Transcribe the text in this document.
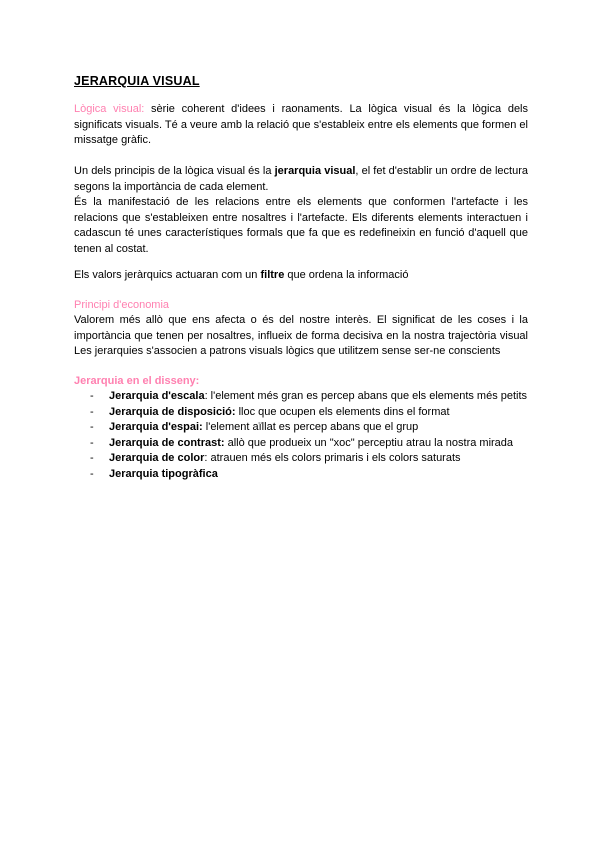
JERARQUIA VISUAL

Lògica visual: sèrie coherent d'idees i raonaments. La lògica visual és la lògica dels significats visuals. Té a veure amb la relació que s'estableix entre els elements que formen el missatge gràfic.

Un dels principis de la lògica visual és la jerarquia visual, el fet d'establir un ordre de lectura segons la importància de cada element.

És la manifestació de les relacions entre els elements que conformen l'artefacte i les relacions que s'estableixen entre nosaltres i l'artefacte. Els diferents elements interactuen i cadascun té unes característiques formals que fa que es redefineixin en funció d'aquell que tenen al costat.

Els valors jeràrquics actuaran com un filtre que ordena la informació

Principi d'economia

Valorem més allò que ens afecta o és del nostre interès. El significat de les coses i la importància que tenen per nosaltres, influeix de forma decisiva en la nostra trajectòria visual Les jerarquies s'associen a patrons visuals lògics que utilitzem sense ser-ne conscients

Jerarquia en el disseny:

- Jerarquia d'escala: l'element més gran es percep abans que els elements més petits
- Jerarquia de disposició: lloc que ocupen els elements dins el format
- Jerarquia d'espai: l'element aïllat es percep abans que el grup
- Jerarquia de contrast: allò que produeix un "xoc" perceptiu atrau la nostra mirada
- Jerarquia de color: atrauen més els colors primaris i els colors saturats
- Jerarquia tipogràfica
